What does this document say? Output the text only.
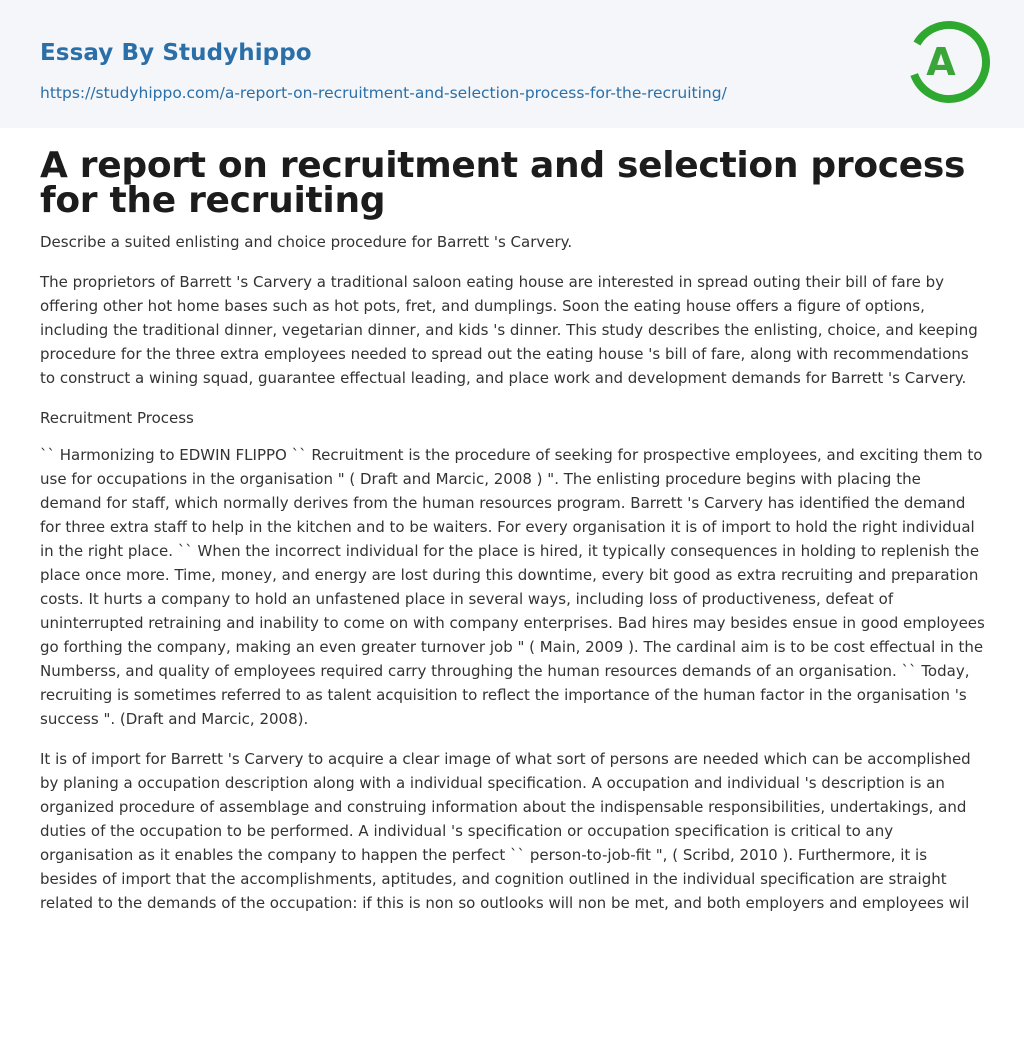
Essay By Studyhippo
https://studyhippo.com/a-report-on-recruitment-and-selection-process-for-the-recruiting/
A
A report on recruitment and selection process for the recruiting

Describe a suited enlisting and choice procedure for Barrett 's Carvery.

The proprietors of Barrett 's Carvery a traditional saloon eating house are interested in spread outing their bill of fare by offering other hot home bases such as hot pots, fret, and dumplings. Soon the eating house offers a figure of options, including the traditional dinner, vegetarian dinner, and kids 's dinner. This study describes the enlisting, choice, and keeping procedure for the three extra employees needed to spread out the eating house 's bill of fare, along with recommendations to construct a wining squad, guarantee effectual leading, and place work and development demands for Barrett 's Carvery.

Recruitment Process

`` Harmonizing to EDWIN FLIPPO `` Recruitment is the procedure of seeking for prospective employees, and exciting them to use for occupations in the organisation " ( Draft and Marcic, 2008 ) ". The enlisting procedure begins with placing the demand for staff, which normally derives from the human resources program. Barrett 's Carvery has identified the demand for three extra staff to help in the kitchen and to be waiters. For every organisation it is of import to hold the right individual in the right place. `` When the incorrect individual for the place is hired, it typically consequences in holding to replenish the place once more. Time, money, and energy are lost during this downtime, every bit good as extra recruiting and preparation costs. It hurts a company to hold an unfastened place in several ways, including loss of productiveness, defeat of uninterrupted retraining and inability to come on with company enterprises. Bad hires may besides ensue in good employees go forthing the company, making an even greater turnover job " ( Main, 2009 ). The cardinal aim is to be cost effectual in the Numberss, and quality of employees required carry throughing the human resources demands of an organisation. `` Today, recruiting is sometimes referred to as talent acquisition to reflect the importance of the human factor in the organisation 's success ". (Draft and Marcic, 2008).

It is of import for Barrett 's Carvery to acquire a clear image of what sort of persons are needed which can be accomplished by planing a occupation description along with a individual specification. A occupation and individual 's description is an organized procedure of assemblage and construing information about the indispensable responsibilities, undertakings, and duties of the occupation to be performed. A individual 's specification or occupation specification is critical to any organisation as it enables the company to happen the perfect `` person-to-job-fit ", ( Scribd, 2010 ). Furthermore, it is besides of import that the accomplishments, aptitudes, and cognition outlined in the individual specification are straight related to the demands of the occupation: if this is non so outlooks will non be met, and both employers and employees wil
